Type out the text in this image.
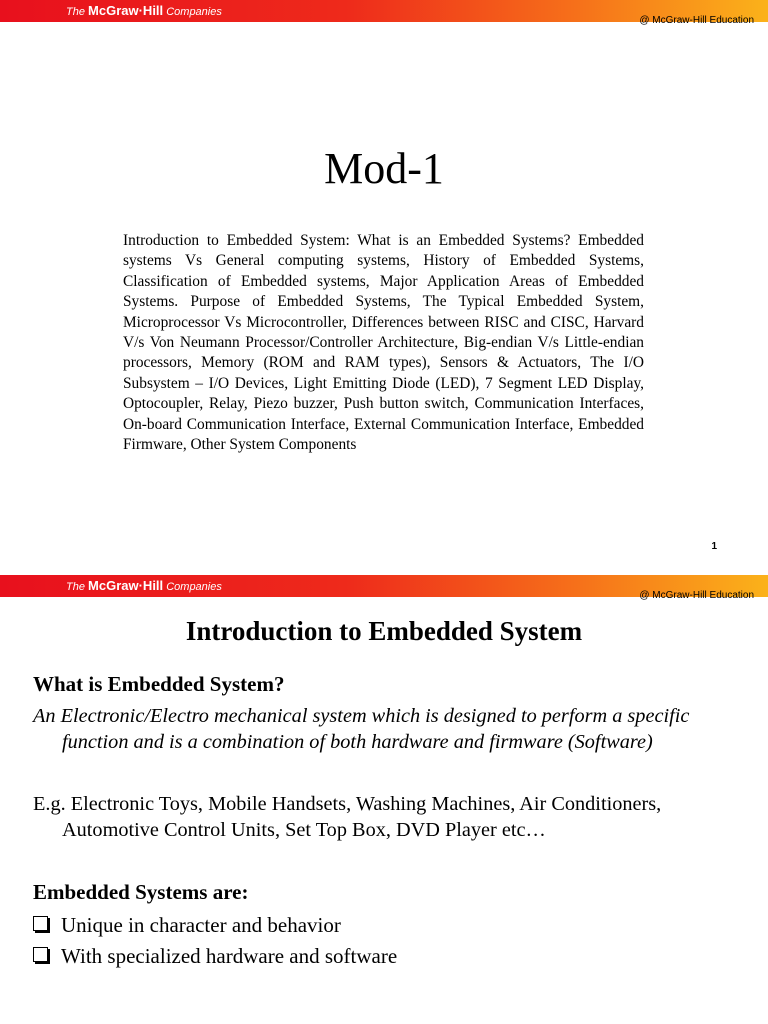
The McGraw·Hill Companies
@ McGraw-Hill Education
Mod-1

Introduction to Embedded System: What is an Embedded Systems? Embedded systems Vs General computing systems, History of Embedded Systems, Classification of Embedded systems, Major Application Areas of Embedded Systems. Purpose of Embedded Systems, The Typical Embedded System, Microprocessor Vs Microcontroller, Differences between RISC and CISC, Harvard V/s Von Neumann Processor/Controller Architecture, Big-endian V/s Little-endian processors, Memory (ROM and RAM types), Sensors & Actuators, The I/O Subsystem – I/O Devices, Light Emitting Diode (LED), 7 Segment LED Display, Optocoupler, Relay, Piezo buzzer, Push button switch, Communication Interfaces, On-board Communication Interface, External Communication Interface, Embedded Firmware, Other System Components

1
The McGraw·Hill Companies
@ McGraw-Hill Education
Introduction to Embedded System
What is Embedded System?

An Electronic/Electro mechanical system which is designed to perform a specific
function and is a combination of both hardware and firmware (Software)

E.g. Electronic Toys, Mobile Handsets, Washing Machines, Air Conditioners,
Automotive Control Units, Set Top Box, DVD Player etc…

Embedded Systems are:
Unique in character and behavior
With specialized hardware and software
